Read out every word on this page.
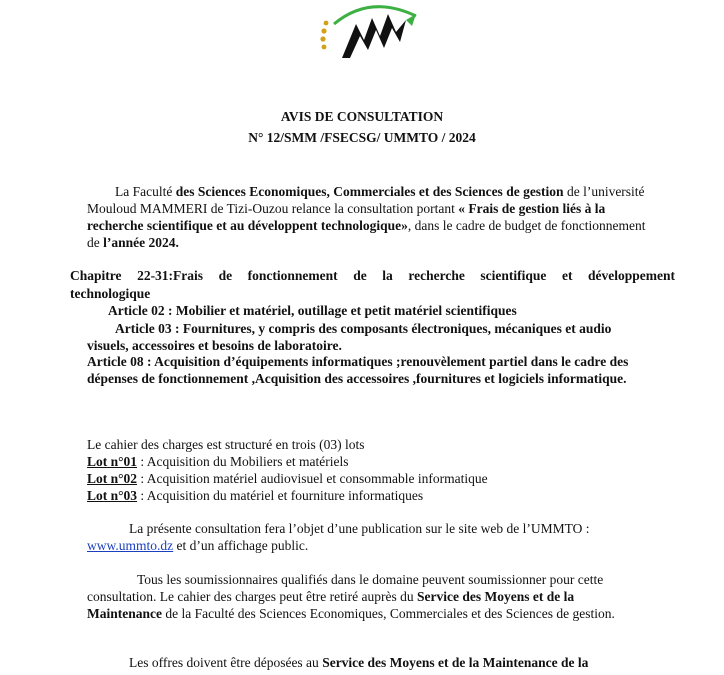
AVIS DE CONSULTATION
N° 12/SMM /FSECSG/ UMMTO / 2024
La Faculté des Sciences Economiques, Commerciales et des Sciences de gestion de l’université Mouloud MAMMERI de Tizi-Ouzou relance la consultation portant « Frais de gestion liés à la recherche scientifique et au développent technologique», dans le cadre de budget de fonctionnement de l’année 2024.
Chapitre 22-31:Frais de fonctionnement de la recherche scientifique et développement
technologique
Article 02 : Mobilier et matériel, outillage et petit matériel scientifiques
Article 03 : Fournitures, y compris des composants électroniques, mécaniques et audio visuels, accessoires et besoins de laboratoire.
Article 08 : Acquisition d’équipements informatiques ;renouvèlement partiel dans le cadre des dépenses de fonctionnement ,Acquisition des accessoires ,fournitures et logiciels informatique.
Le cahier des charges est structuré en trois (03) lots
Lot n°01 : Acquisition du Mobiliers et matériels
Lot n°02 : Acquisition matériel audiovisuel et consommable informatique
Lot n°03 : Acquisition du matériel et fourniture informatiques
La présente consultation fera l’objet d’une publication sur le site web de l’UMMTO :
www.ummto.dz et d’un affichage public.
Tous les soumissionnaires qualifiés dans le domaine peuvent soumissionner pour cette consultation. Le cahier des charges peut être retiré auprès du Service des Moyens et de la Maintenance de la Faculté des Sciences Economiques, Commerciales et des Sciences de gestion.
Les offres doivent être déposées au Service des Moyens et de la Maintenance de la
